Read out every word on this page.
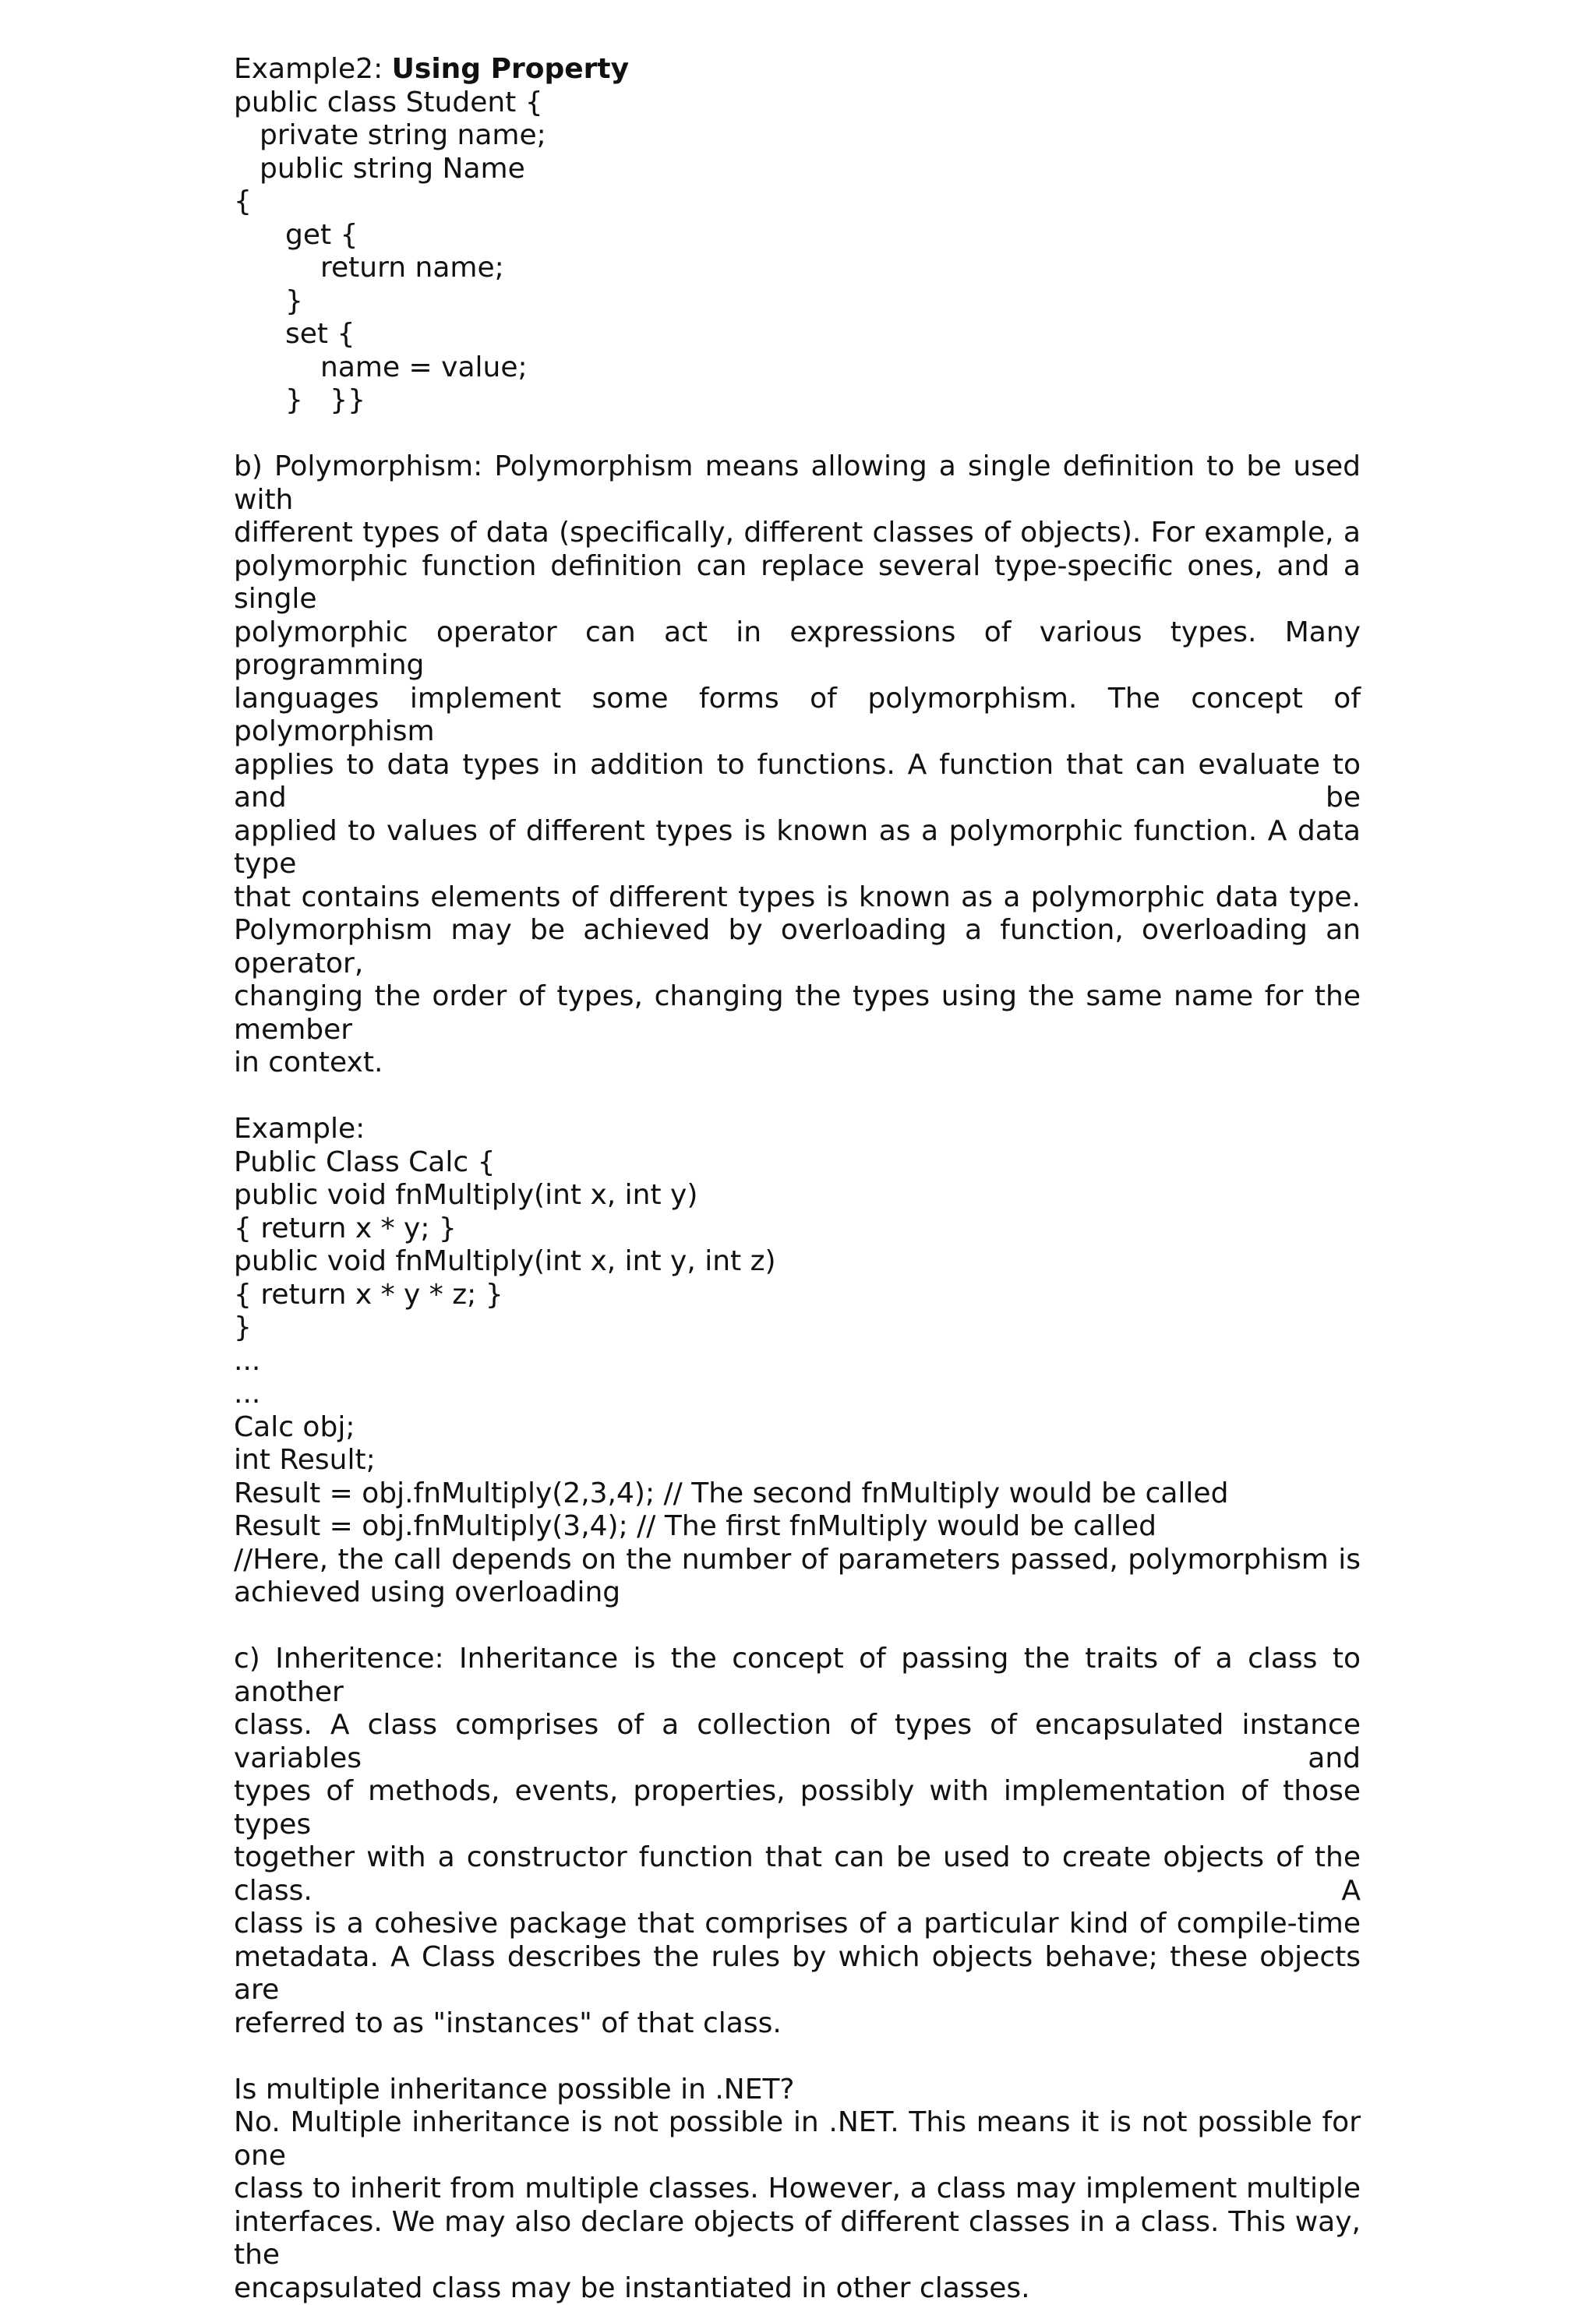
Example2: Using Property
public class Student {
private string name;
public string Name
{
get {
return name;
}
set {
name = value;
}   }}

b) Polymorphism: Polymorphism means allowing a single definition to be used with

different types of data (specifically, different classes of objects). For example, a

polymorphic function definition can replace several type-specific ones, and a single

polymorphic operator can act in expressions of various types. Many programming

languages implement some forms of polymorphism. The concept of polymorphism

applies to data types in addition to functions. A function that can evaluate to and be

applied to values of different types is known as a polymorphic function. A data type

that contains elements of different types is known as a polymorphic data type.

Polymorphism may be achieved by overloading a function, overloading an operator,

changing the order of types, changing the types using the same name for the member

in context.

Example:
Public Class Calc {
public void fnMultiply(int x, int y)
{ return x * y; }
public void fnMultiply(int x, int y, int z)
{ return x * y * z; }
}
...
...
Calc obj;
int Result;
Result = obj.fnMultiply(2,3,4); // The second fnMultiply would be called
Result = obj.fnMultiply(3,4); // The first fnMultiply would be called

//Here, the call depends on the number of parameters passed, polymorphism is

achieved using overloading

c) Inheritence: Inheritance is the concept of passing the traits of a class to another

class. A class comprises of a collection of types of encapsulated instance variables and

types of methods, events, properties, possibly with implementation of those types

together with a constructor function that can be used to create objects of the class. A

class is a cohesive package that comprises of a particular kind of compile-time

metadata. A Class describes the rules by which objects behave; these objects are

referred to as "instances" of that class.

Is multiple inheritance possible in .NET?

No. Multiple inheritance is not possible in .NET. This means it is not possible for one

class to inherit from multiple classes. However, a class may implement multiple

interfaces. We may also declare objects of different classes in a class. This way, the

encapsulated class may be instantiated in other classes.
